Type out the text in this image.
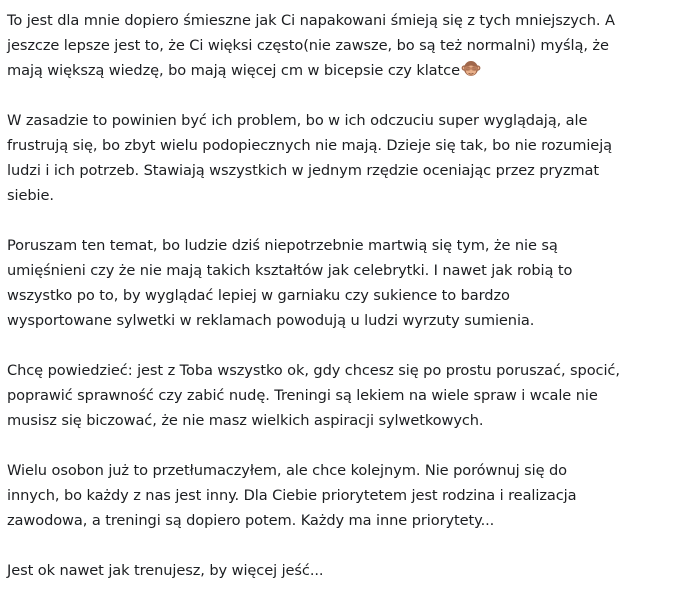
To jest dla mnie dopiero śmieszne jak Ci napakowani śmieją się z tych mniejszych. A
jeszcze lepsze jest to, że Ci więksi często(nie zawsze, bo są też normalni) myślą, że
mają większą wiedzę, bo mają więcej cm w bicepsie czy klatce

W zasadzie to powinien być ich problem, bo w ich odczuciu super wyglądają, ale
frustrują się, bo zbyt wielu podopiecznych nie mają. Dzieje się tak, bo nie rozumieją
ludzi i ich potrzeb. Stawiają wszystkich w jednym rzędzie oceniając przez pryzmat
siebie.

Poruszam ten temat, bo ludzie dziś niepotrzebnie martwią się tym, że nie są
umięśnieni czy że nie mają takich kształtów jak celebrytki. I nawet jak robią to
wszystko po to, by wyglądać lepiej w garniaku czy sukience to bardzo
wysportowane sylwetki w reklamach powodują u ludzi wyrzuty sumienia.

Chcę powiedzieć: jest z Toba wszystko ok, gdy chcesz się po prostu poruszać, spocić,
poprawić sprawność czy zabić nudę. Treningi są lekiem na wiele spraw i wcale nie
musisz się biczować, że nie masz wielkich aspiracji sylwetkowych.

Wielu osobon już to przetłumaczyłem, ale chce kolejnym. Nie porównuj się do
innych, bo każdy z nas jest inny. Dla Ciebie priorytetem jest rodzina i realizacja
zawodowa, a treningi są dopiero potem. Każdy ma inne priorytety...

Jest ok nawet jak trenujesz, by więcej jeść...
